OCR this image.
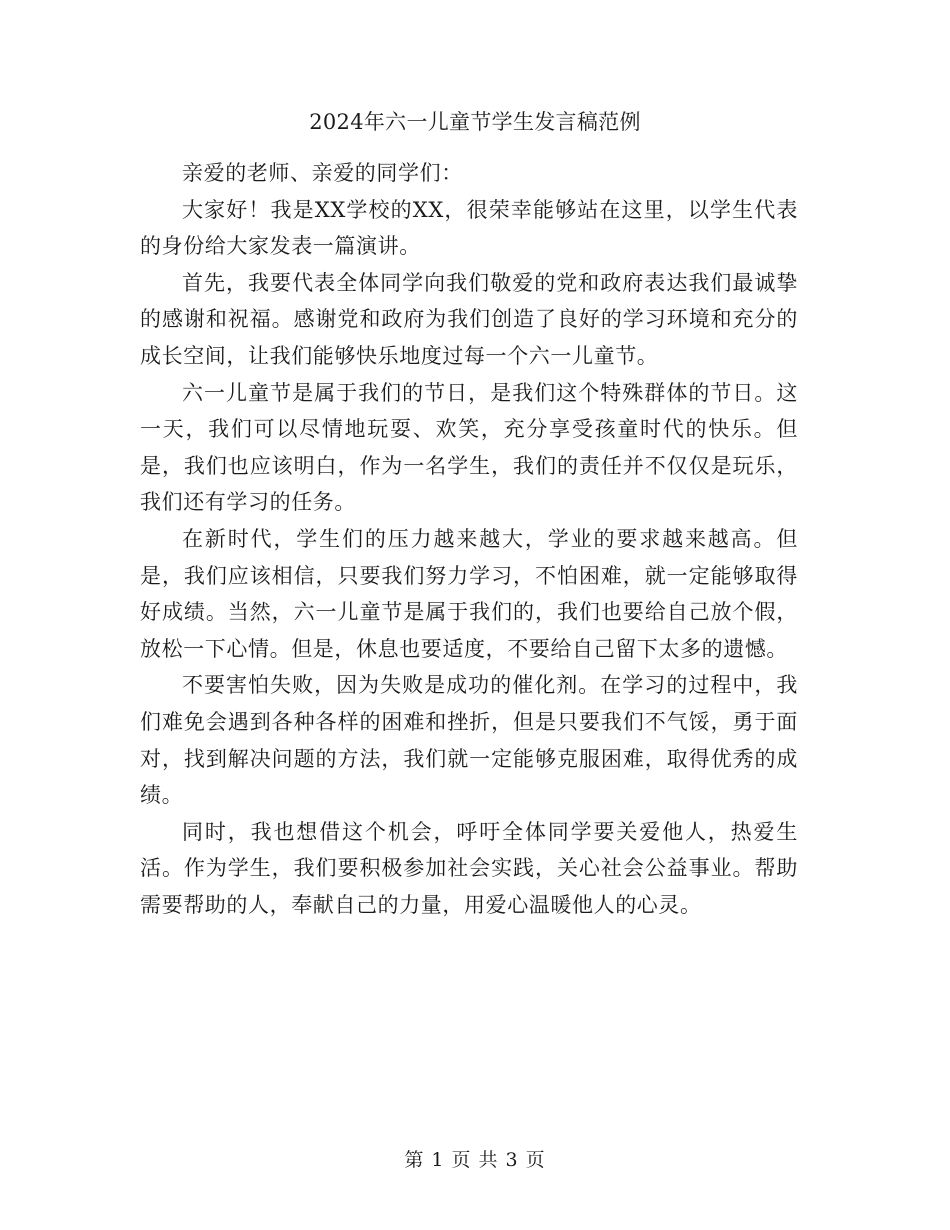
2024年六一儿童节学生发言稿范例

亲爱的老师、亲爱的同学们：

大家好！我是XX学校的XX，很荣幸能够站在这里，以学生代表的身份给大家发表一篇演讲。

首先，我要代表全体同学向我们敬爱的党和政府表达我们最诚挚的感谢和祝福。感谢党和政府为我们创造了良好的学习环境和充分的成长空间，让我们能够快乐地度过每一个六一儿童节。

六一儿童节是属于我们的节日，是我们这个特殊群体的节日。这一天，我们可以尽情地玩耍、欢笑，充分享受孩童时代的快乐。但是，我们也应该明白，作为一名学生，我们的责任并不仅仅是玩乐，我们还有学习的任务。

在新时代，学生们的压力越来越大，学业的要求越来越高。但是，我们应该相信，只要我们努力学习，不怕困难，就一定能够取得好成绩。当然，六一儿童节是属于我们的，我们也要给自己放个假，放松一下心情。但是，休息也要适度，不要给自己留下太多的遗憾。

不要害怕失败，因为失败是成功的催化剂。在学习的过程中，我们难免会遇到各种各样的困难和挫折，但是只要我们不气馁，勇于面对，找到解决问题的方法，我们就一定能够克服困难，取得优秀的成绩。

同时，我也想借这个机会，呼吁全体同学要关爱他人，热爱生活。作为学生，我们要积极参加社会实践，关心社会公益事业。帮助需要帮助的人，奉献自己的力量，用爱心温暖他人的心灵。

第 1 页 共 3 页
